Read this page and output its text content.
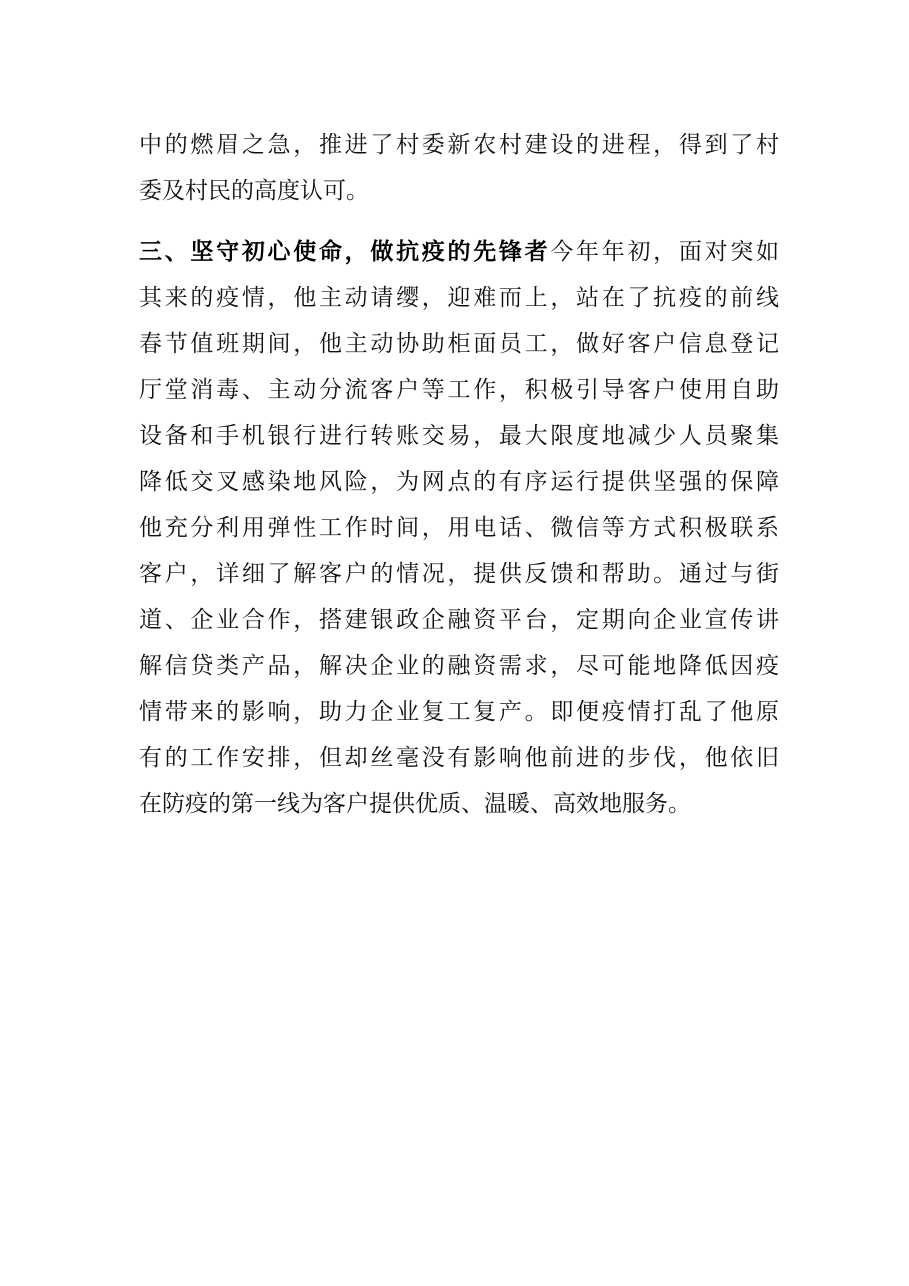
中的燃眉之急，推进了村委新农村建设的进程，得到了村
委及村民的高度认可。
三、坚守初心使命，做抗疫的先锋者今年年初，面对突如
其来的疫情，他主动请缨，迎难而上，站在了抗疫的前线
春节值班期间，他主动协助柜面员工，做好客户信息登记
厅堂消毒、主动分流客户等工作，积极引导客户使用自助
设备和手机银行进行转账交易，最大限度地减少人员聚集
降低交叉感染地风险，为网点的有序运行提供坚强的保障
他充分利用弹性工作时间，用电话、微信等方式积极联系
客户，详细了解客户的情况，提供反馈和帮助。通过与街
道、企业合作，搭建银政企融资平台，定期向企业宣传讲
解信贷类产品，解决企业的融资需求，尽可能地降低因疫
情带来的影响，助力企业复工复产。即便疫情打乱了他原
有的工作安排，但却丝毫没有影响他前进的步伐，他依旧
在防疫的第一线为客户提供优质、温暖、高效地服务。
